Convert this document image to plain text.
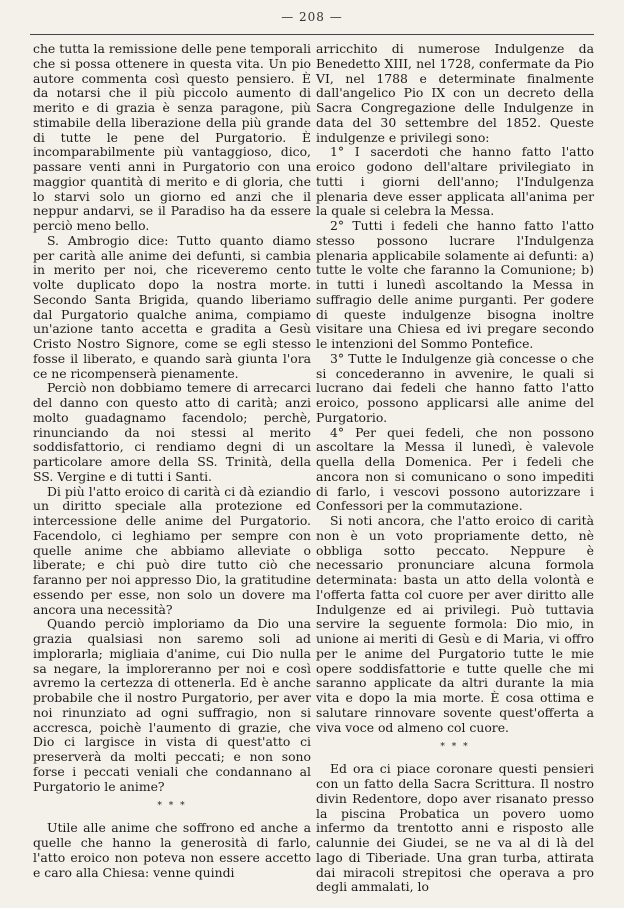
— 208 —

che tutta la remissione delle pene temporali che si possa ottenere in questa vita. Un pio autore commenta così questo pensiero. È da notarsi che il più piccolo aumento di merito e di grazia è senza paragone, più stimabile della liberazione della più grande di tutte le pene del Purgatorio. È incomparabilmente più vantaggioso, dico, passare venti anni in Purgatorio con una maggior quantità di merito e di gloria, che lo starvi solo un giorno ed anzi che il neppur andarvi, se il Paradiso ha da essere perciò meno bello.

S. Ambrogio dice: Tutto quanto diamo per carità alle anime dei defunti, si cambia in merito per noi, che riceveremo cento volte duplicato dopo la nostra morte. Secondo Santa Brigida, quando liberiamo dal Purgatorio qualche anima, compiamo un'azione tanto accetta e gradita a Gesù Cristo Nostro Signore, come se egli stesso fosse il liberato, e quando sarà giunta l'ora ce ne ricompenserà pienamente.

Perciò non dobbiamo temere di arrecarci del danno con questo atto di carità; anzi molto guadagnamo facendolo; perchè, rinunciando da noi stessi al merito soddisfattorio, ci rendiamo degni di un particolare amore della SS. Trinità, della SS. Vergine e di tutti i Santi.

Di più l'atto eroico di carità ci dà eziandio un diritto speciale alla protezione ed intercessione delle anime del Purgatorio. Facendolo, ci leghiamo per sempre con quelle anime che abbiamo alleviate o liberate; e chi può dire tutto ciò che faranno per noi appresso Dio, la gratitudine essendo per esse, non solo un dovere ma ancora una necessità?

Quando perciò imploriamo da Dio una grazia qualsiasi non saremo soli ad implorarla; migliaia d'anime, cui Dio nulla sa negare, la imploreranno per noi e così avremo la certezza di ottenerla. Ed è anche probabile che il nostro Purgatorio, per aver noi rinunziato ad ogni suffragio, non si accresca, poichè l'aumento di grazie, che Dio ci largisce in vista di quest'atto ci preserverà da molti peccati; e non sono forse i peccati veniali che condannano al Purgatorio le anime?

* * *

Utile alle anime che soffrono ed anche a quelle che hanno la generosità di farlo, l'atto eroico non poteva non essere accetto e caro alla Chiesa: venne quindi

arricchito di numerose Indulgenze da Benedetto XIII, nel 1728, confermate da Pio VI, nel 1788 e determinate finalmente dall'angelico Pio IX con un decreto della Sacra Congregazione delle Indulgenze in data del 30 settembre del 1852. Queste indulgenze e privilegi sono:

1° I sacerdoti che hanno fatto l'atto eroico godono dell'altare privilegiato in tutti i giorni dell'anno; l'Indulgenza plenaria deve esser applicata all'anima per la quale si celebra la Messa.

2° Tutti i fedeli che hanno fatto l'atto stesso possono lucrare l'Indulgenza plenaria applicabile solamente ai defunti: a) tutte le volte che faranno la Comunione; b) in tutti i lunedì ascoltando la Messa in suffragio delle anime purganti. Per godere di queste indulgenze bisogna inoltre visitare una Chiesa ed ivi pregare secondo le intenzioni del Sommo Pontefice.

3° Tutte le Indulgenze già concesse o che si concederanno in avvenire, le quali si lucrano dai fedeli che hanno fatto l'atto eroico, possono applicarsi alle anime del Purgatorio.

4° Per quei fedeli, che non possono ascoltare la Messa il lunedì, è valevole quella della Domenica. Per i fedeli che ancora non si comunicano o sono impediti di farlo, i vescovi possono autorizzare i Confessori per la commutazione.

Si noti ancora, che l'atto eroico di carità non è un voto propriamente detto, nè obbliga sotto peccato. Neppure è necessario pronunciare alcuna formola determinata: basta un atto della volontà e l'offerta fatta col cuore per aver diritto alle Indulgenze ed ai privilegi. Può tuttavia servire la seguente formola: Dio mio, in unione ai meriti di Gesù e di Maria, vi offro per le anime del Purgatorio tutte le mie opere soddisfattorie e tutte quelle che mi saranno applicate da altri durante la mia vita e dopo la mia morte. È cosa ottima e salutare rinnovare sovente quest'offerta a viva voce od almeno col cuore.

* * *

Ed ora ci piace coronare questi pensieri con un fatto della Sacra Scrittura. Il nostro divin Redentore, dopo aver risanato presso la piscina Probatica un povero uomo infermo da trentotto anni e risposto alle calunnie dei Giudei, se ne va al di là del lago di Tiberiade. Una gran turba, attirata dai miracoli strepitosi che operava a pro degli ammalati, lo
